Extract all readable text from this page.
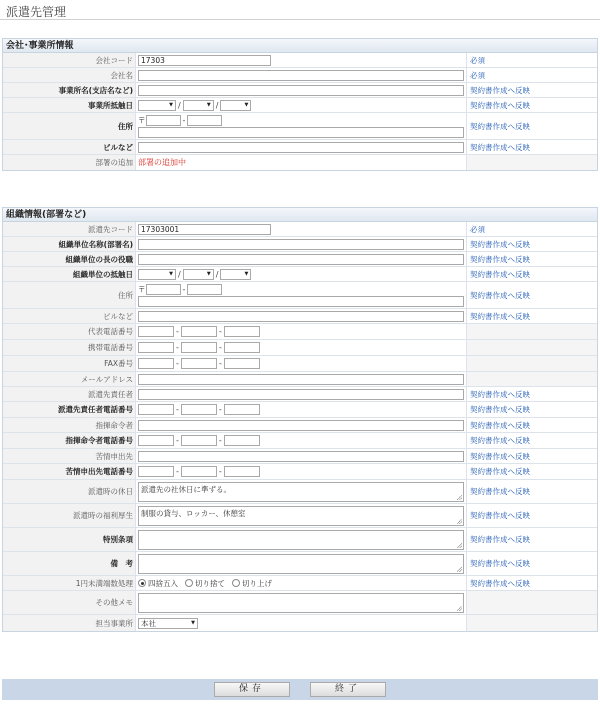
派遣先管理
会社･事業所情報
会社コード	17303	必須
会社名	必須
事業所名(支店名など)	契約書作成へ反映
事業所抵触日	▼ /	▼ /	▼	契約書作成へ反映
住所
〒	-
契約書作成へ反映
ビルなど	契約書作成へ反映
部署の追加 部署の追加中
組織情報(部署など)
派遣先コード	17303001	必須
組織単位名称(部署名)	契約書作成へ反映
組織単位の長の役職	契約書作成へ反映
組織単位の抵触日	▼ /	▼ /	▼	契約書作成へ反映
住所
〒	-
契約書作成へ反映
ビルなど	契約書作成へ反映
代表電話番号	-	-
携帯電話番号	-	-
FAX番号	-	-
メールアドレス
派遣先責任者	契約書作成へ反映
派遣先責任者電話番号	-	-	契約書作成へ反映
指揮命令者	契約書作成へ反映
指揮命令者電話番号	-	-	契約書作成へ反映
苦情申出先	契約書作成へ反映
苦情申出先電話番号	-	-	契約書作成へ反映
派遣時の休日	派遣先の社休日に準ずる。	契約書作成へ反映
派遣時の福利厚生	制服の貸与、ロッカー、休憩室	契約書作成へ反映
特別条項	契約書作成へ反映
備　考	契約書作成へ反映
1円未満端数処理	四捨五入 切り捨て 切り上げ	契約書作成へ反映
その他メモ
担当事業所	本社	▼
保存	終了
